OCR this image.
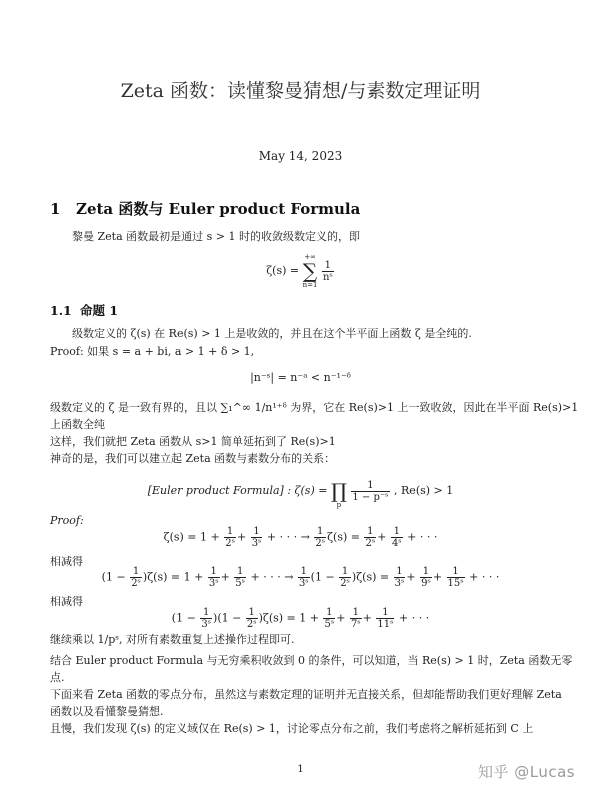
Zeta 函数：读懂黎曼猜想/与素数定理证明
May 14, 2023
1 Zeta 函数与 Euler product Formula
黎曼 Zeta 函数最初是通过 s > 1 时的收敛级数定义的，即
ζ(s) = +∞
∑
n=1
$\frac{1}{\text{nˢ}}$
1.1 命题 1
级数定义的 ζ(s) 在 Re(s) > 1 上是收敛的，并且在这个半平面上函数 ζ 是全纯的.
Proof: 如果 s = a + bi, a > 1 + δ > 1,
|n⁻ˢ| = n⁻ᵃ < n⁻¹⁻ᵟ
级数定义的 ζ 是一致有界的，且以 ∑₁^∞ 1/n¹⁺ᵟ 为界，它在 Re(s)>1 上一致收敛，因此在半平面 Re(s)>1
上函数全纯
这样，我们就把 Zeta 函数从 s>1 简单延拓到了 Re(s)>1
神奇的是，我们可以建立起 Zeta 函数与素数分布的关系：
[Euler product Formula] : ζ(s) = ∏
p
$\frac{1}{\text{1 − p⁻ˢ}}$ , Re(s) > 1
Proof:
$\zeta(s) = 1 + \frac{1}{\text{2ˢ}} + \frac{1}{\text{3ˢ}}$ + · · · → $\frac{1}{\text{2ˢ}} \zeta(s) = \frac{1}{\text{2ˢ}} + \frac{1}{\text{4ˢ}}$ + · · ·
相减得
$(1 - \frac{1}{\text{2ˢ}} )\zeta(s) = 1 + \frac{1}{\text{3ˢ}} + \frac{1}{\text{5ˢ}}$ + · · · → $\frac{1}{\text{3ˢ}} (1 - \frac{1}{\text{2ˢ}} )\zeta(s) = \frac{1}{\text{3ˢ}} + \frac{1}{\text{9ˢ}} + \frac{1}{\text{15ˢ}}$ + · · ·
相减得
$(1 - \frac{1}{\text{3ˢ}} )(1 - \frac{1}{\text{2ˢ}} )\zeta(s) = 1 + \frac{1}{\text{5ˢ}} + \frac{1}{\text{7ˢ}} + \frac{1}{\text{11ˢ}}$ + · · ·
继续乘以 1/pˢ, 对所有素数重复上述操作过程即可.
结合 Euler product Formula 与无穷乘积收敛到 0 的条件，可以知道，当 Re(s) > 1 时，Zeta 函数无零
点.
下面来看 Zeta 函数的零点分布，虽然这与素数定理的证明并无直接关系，但却能帮助我们更好理解 Zeta
函数以及看懂黎曼猜想.
且慢，我们发现 ζ(s) 的定义域仅在 Re(s) > 1，讨论零点分布之前，我们考虑将之解析延拓到 C 上
1	知乎 @Lucas
